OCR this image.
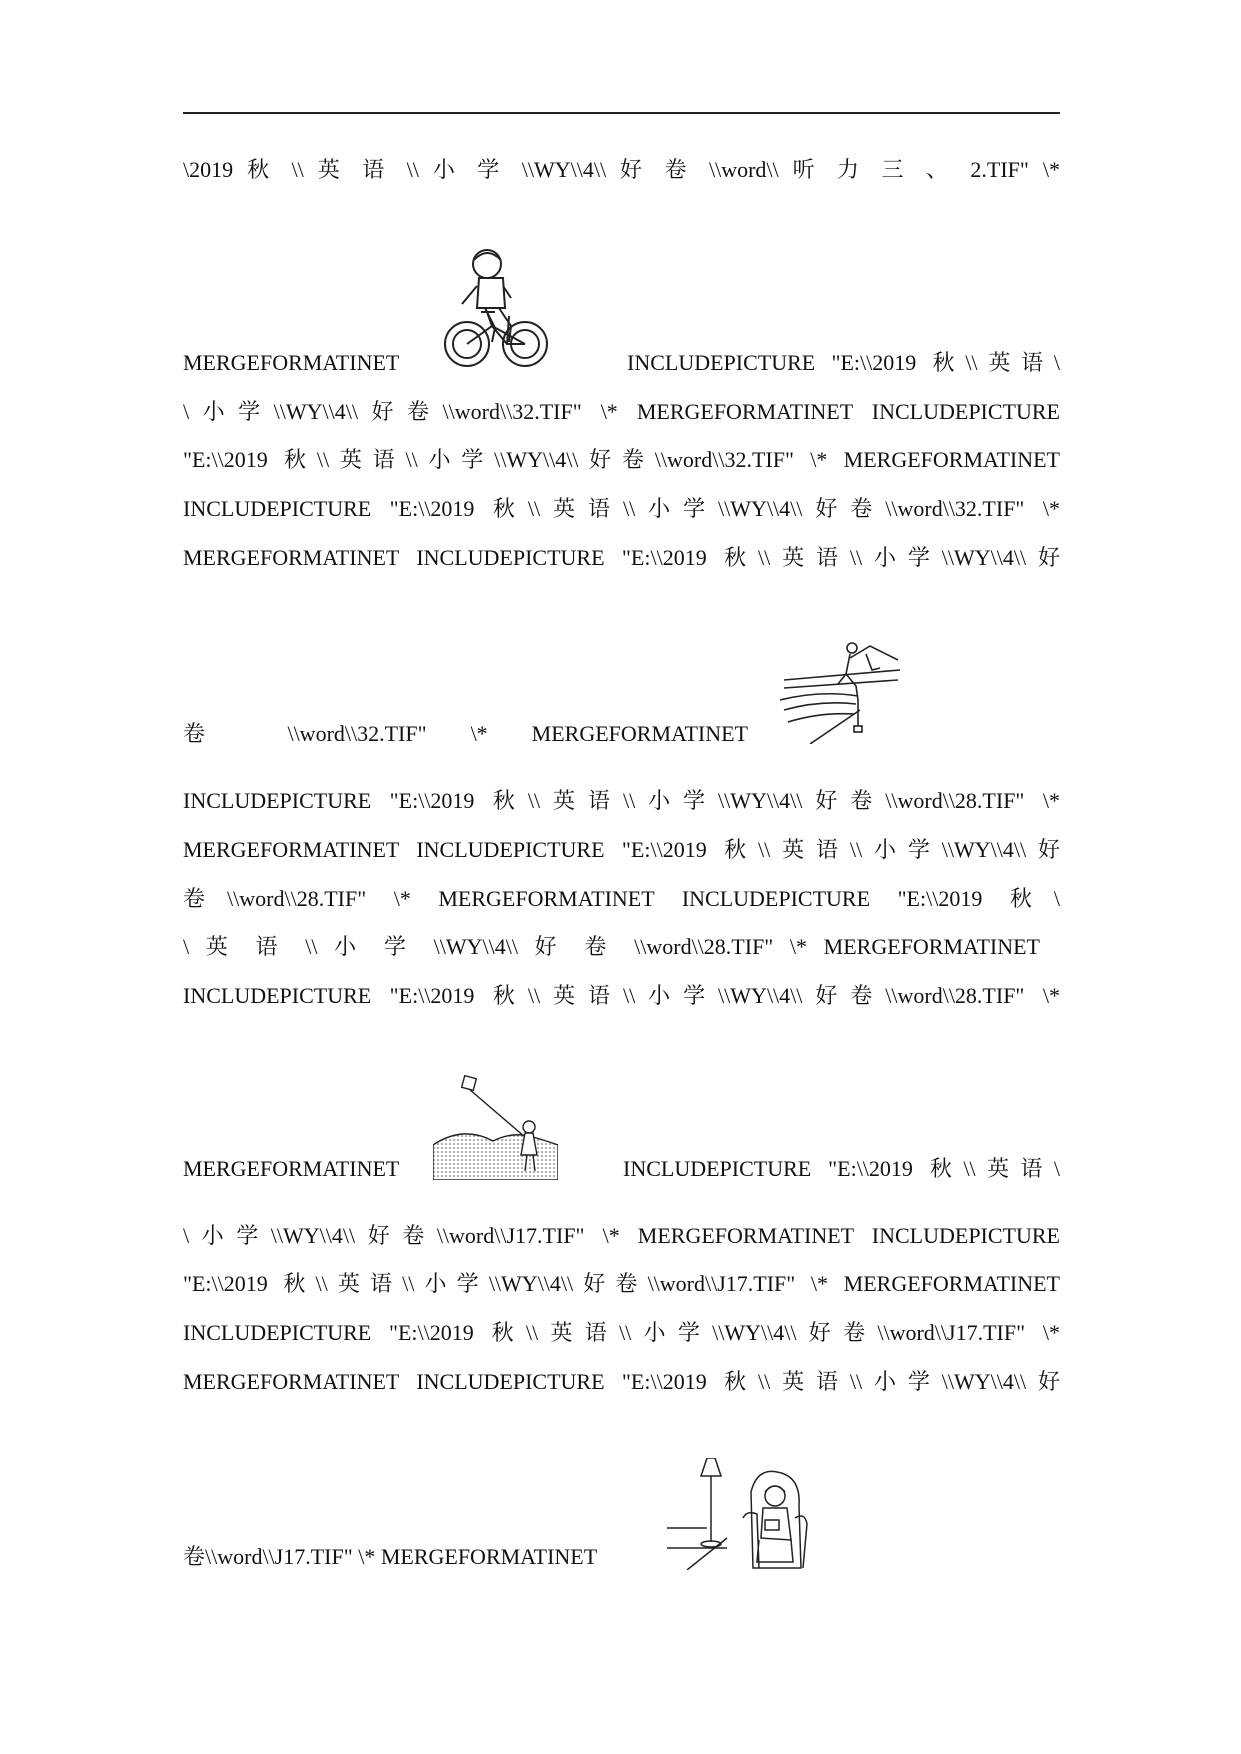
\2019 秋 \\ 英 语 \\ 小 学 \\WY\\4\\ 好 卷 \\word\\ 听 力 三 、 2.TIF" \*
MERGEFORMATINET	INCLUDEPICTURE "E:\\2019 秋\\英语\
\小学\\WY\\4\\好卷\\word\\32.TIF" \* MERGEFORMATINET INCLUDEPICTURE
"E:\\2019 秋\\英语\\小学\\WY\\4\\好卷\\word\\32.TIF" \* MERGEFORMATINET
INCLUDEPICTURE "E:\\2019 秋\\英语\\小学\\WY\\4\\好卷\\word\\32.TIF" \*
MERGEFORMATINET INCLUDEPICTURE "E:\\2019 秋\\英语\\小学\\WY\\4\\好
卷 \\word\\32.TIF" \* MERGEFORMATINET
INCLUDEPICTURE "E:\\2019 秋\\英语\\小学\\WY\\4\\好卷\\word\\28.TIF" \*
MERGEFORMATINET INCLUDEPICTURE "E:\\2019 秋\\英语\\小学\\WY\\4\\好
卷\\word\\28.TIF" \* MERGEFORMATINET INCLUDEPICTURE "E:\\2019 秋\
\ 英 语 \\ 小 学 \\WY\\4\\ 好 卷 \\word\\28.TIF" \* MERGEFORMATINET
INCLUDEPICTURE "E:\\2019 秋\\英语\\小学\\WY\\4\\好卷\\word\\28.TIF" \*
MERGEFORMATINET	INCLUDEPICTURE "E:\\2019 秋\\英语\
\小学\\WY\\4\\好卷\\word\\J17.TIF" \* MERGEFORMATINET INCLUDEPICTURE
"E:\\2019 秋\\英语\\小学\\WY\\4\\好卷\\word\\J17.TIF" \* MERGEFORMATINET
INCLUDEPICTURE "E:\\2019 秋\\英语\\小学\\WY\\4\\好卷\\word\\J17.TIF" \*
MERGEFORMATINET INCLUDEPICTURE "E:\\2019 秋\\英语\\小学\\WY\\4\\好
卷\\word\\J17.TIF" \* MERGEFORMATINET
